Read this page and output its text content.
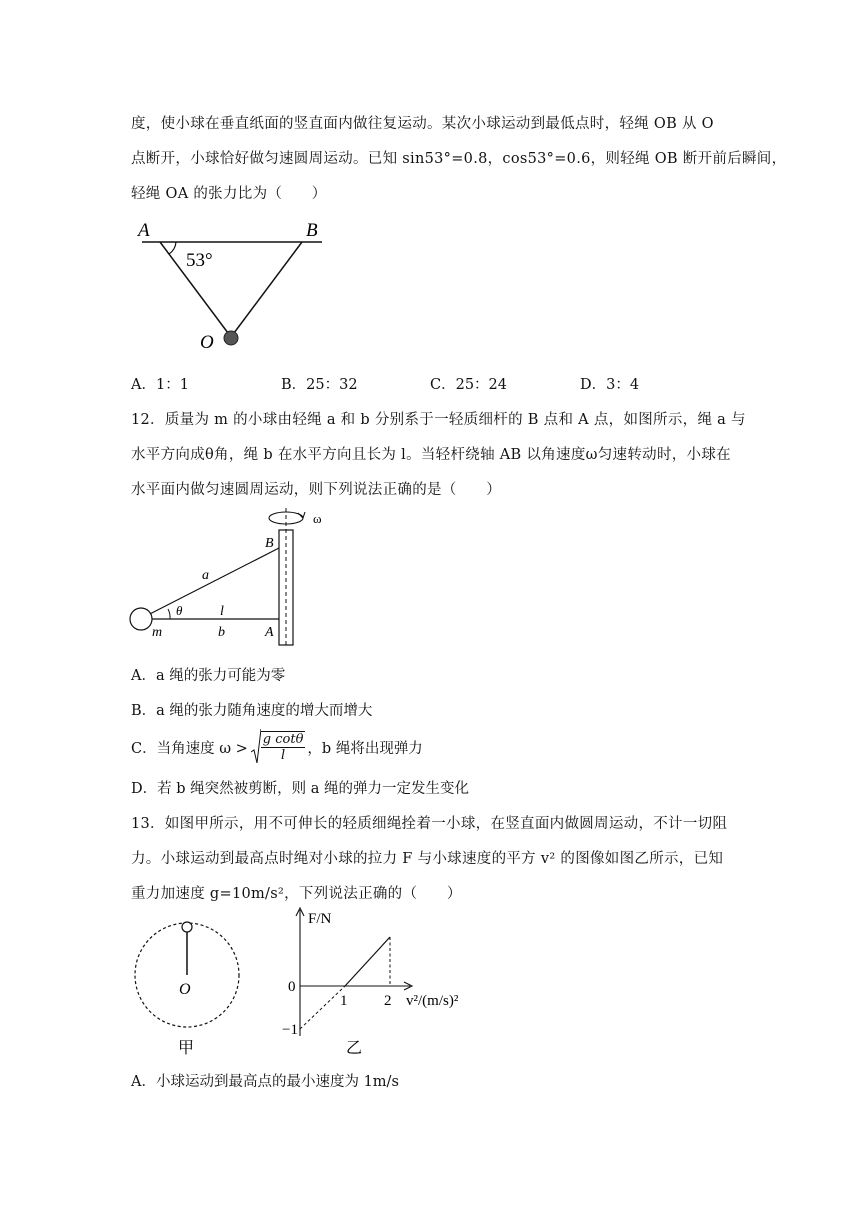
度，使小球在垂直纸面的竖直面内做往复运动。某次小球运动到最低点时，轻绳 OB 从 O
点断开，小球恰好做匀速圆周运动。已知 sin53°=0.8，cos53°=0.6，则轻绳 OB 断开前后瞬间，
轻绳 OA 的张力比为（　　）
A	B
O
53°
A．1：1	B．25：32	C．25：24	D．3：4
12．质量为 m 的小球由轻绳 a 和 b 分别系于一轻质细杆的 B 点和 A 点，如图所示，绳 a 与
水平方向成θ角，绳 b 在水平方向且长为 l。当轻杆绕轴 AB 以角速度ω匀速转动时，小球在
水平面内做匀速圆周运动，则下列说法正确的是（　　）
ω
B
A
a
b
l
θ
m
A．a 绳的张力可能为零
B．a 绳的张力随角速度的增大而增大
C．当角速度 $\omega > \frac{\text{g cotθ}}{l}$ ，b 绳将出现弹力
D．若 b 绳突然被剪断，则 a 绳的弹力一定发生变化
13．如图甲所示，用不可伸长的轻质细绳拴着一小球，在竖直面内做圆周运动，不计一切阻
力。小球运动到最高点时绳对小球的拉力 F 与小球速度的平方 v² 的图像如图乙所示，已知
重力加速度 g=10m/s²，下列说法正确的（　　）
O
甲
F/N
0
1 2
−1
v²/(m/s)²
乙
A．小球运动到最高点的最小速度为 1m/s
